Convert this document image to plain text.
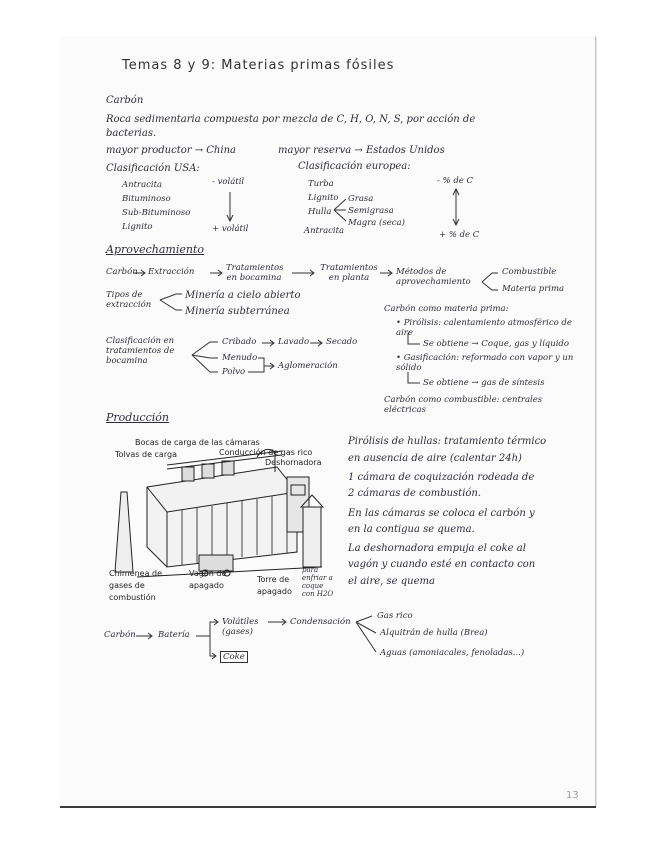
Temas 8 y 9: Materias primas fósiles
Carbón
Roca sedimentaria compuesta por mezcla de C, H, O, N, S, por acción de
bacterias.
mayor productor → China	mayor reserva → Estados Unidos
Clasificación USA:
Antracita
Bituminoso
Sub-Bituminoso
Lignito
- volátil
+ volátil
Clasificación europea:
Turba
Lignito
Hulla
Antracita
Grasa
Semigrasa
Magra (seca)
- % de C
+ % de C
Aprovechamiento
Carbón Extracción	Tratamientos en bocamina
Tratamientos en planta
Métodos de aprovechamiento
Combustible
Materia prima
Tipos de extracción
Minería a cielo abierto
Minería subterránea
Clasificación en tratamientos de bocamina
Cribado	Lavado Secado
Menudo
Polvo
Aglomeración
Carbón como materia prima:
• Pirólisis: calentamiento atmosférico de aire
Se obtiene → Coque, gas y líquido
• Gasificación: reformado con vapor y un sólido
Se obtiene → gas de síntesis
Carbón como combustible: centrales eléctricas
Producción
Bocas de carga de las cámaras
Tolvas de carga	Conducción de gas rico
Deshornadora
Chimenea de gases de combustión
Vagón de apagado
Torre de apagado
para enfriar a coque con H2O
Pirólisis de hullas: tratamiento térmico
en ausencia de aire (calentar 24h)
1 cámara de coquización rodeada de
2 cámaras de combustión.
En las cámaras se coloca el carbón y
en la contigua se quema.
La deshornadora empuja el coke al
vagón y cuando esté en contacto con
el aire, se quema
Carbón	Batería
Volátiles (gases)
Condensación
Coke
Gas rico
Alquitrán de hulla (Brea)
Aguas (amoniacales, fenoladas...)
13
